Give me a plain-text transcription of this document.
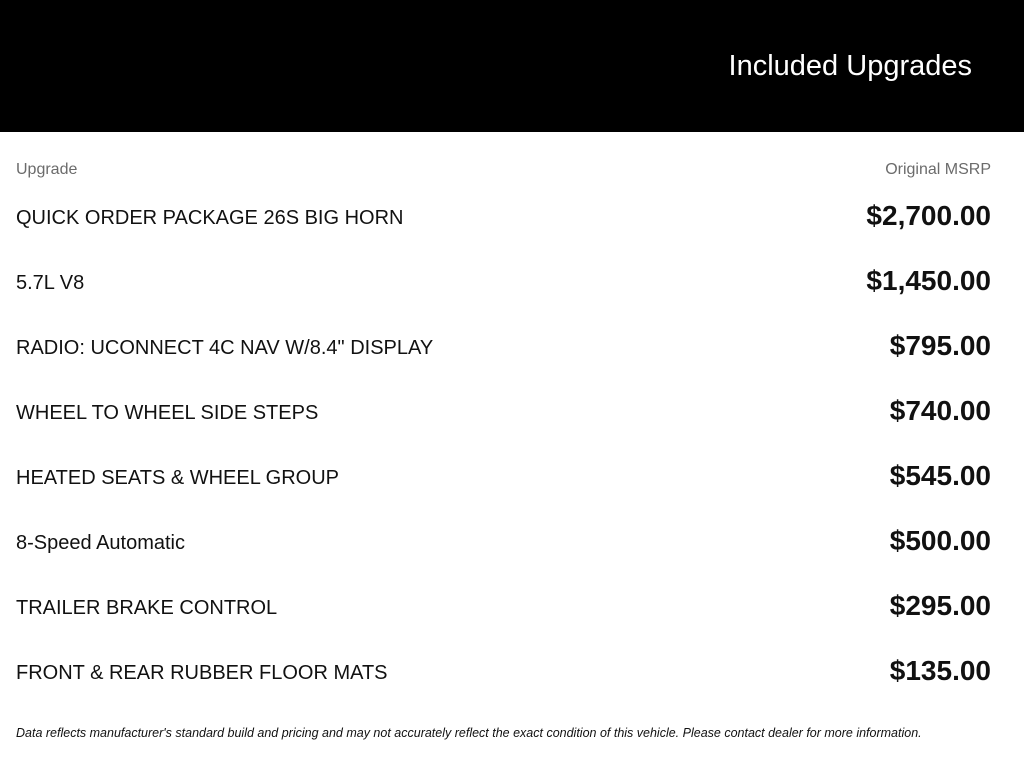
Included Upgrades
Upgrade	Original MSRP
QUICK ORDER PACKAGE 26S BIG HORN	$2,700.00
5.7L V8	$1,450.00
RADIO: UCONNECT 4C NAV W/8.4" DISPLAY	$795.00
WHEEL TO WHEEL SIDE STEPS	$740.00
HEATED SEATS & WHEEL GROUP	$545.00
8-Speed Automatic	$500.00
TRAILER BRAKE CONTROL	$295.00
FRONT & REAR RUBBER FLOOR MATS	$135.00

Data reflects manufacturer's standard build and pricing and may not accurately reflect the exact condition of this vehicle. Please contact dealer for more information.
